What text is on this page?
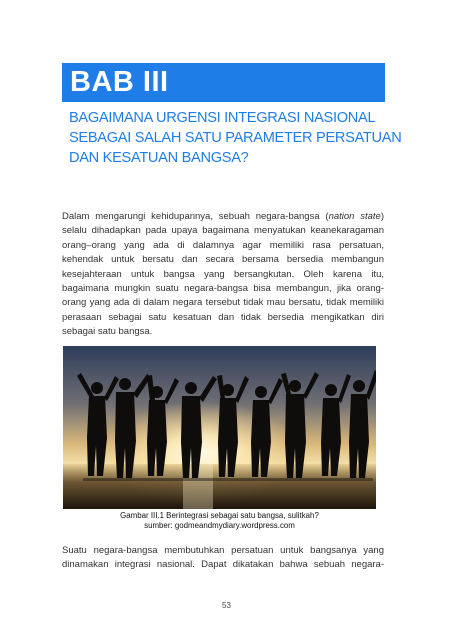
BAB III
BAGAIMANA URGENSI INTEGRASI NASIONAL
SEBAGAI SALAH SATU PARAMETER PERSATUAN
DAN KESATUAN BANGSA?
Dalam mengarungi kehidupannya, sebuah negara-bangsa (nation state)
selalu dihadapkan pada upaya bagaimana menyatukan keanekaragaman
orang–orang yang ada di dalamnya agar memiliki rasa persatuan,
kehendak untuk bersatu dan secara bersama bersedia membangun
kesejahteraan untuk bangsa yang bersangkutan. Oleh karena itu,
bagaimana mungkin suatu negara-bangsa bisa membangun, jika orang-
orang yang ada di dalam negara tersebut tidak mau bersatu, tidak memiliki
perasaan sebagai satu kesatuan dan tidak bersedia mengikatkan diri
sebagai satu bangsa.
Gambar III.1 Berintegrasi sebagai satu bangsa, sulitkah?
sumber: godmeandmydiary.wordpress.com
Suatu negara-bangsa membutuhkan persatuan untuk bangsanya yang
dinamakan integrasi nasional. Dapat dikatakan bahwa sebuah negara-
53
